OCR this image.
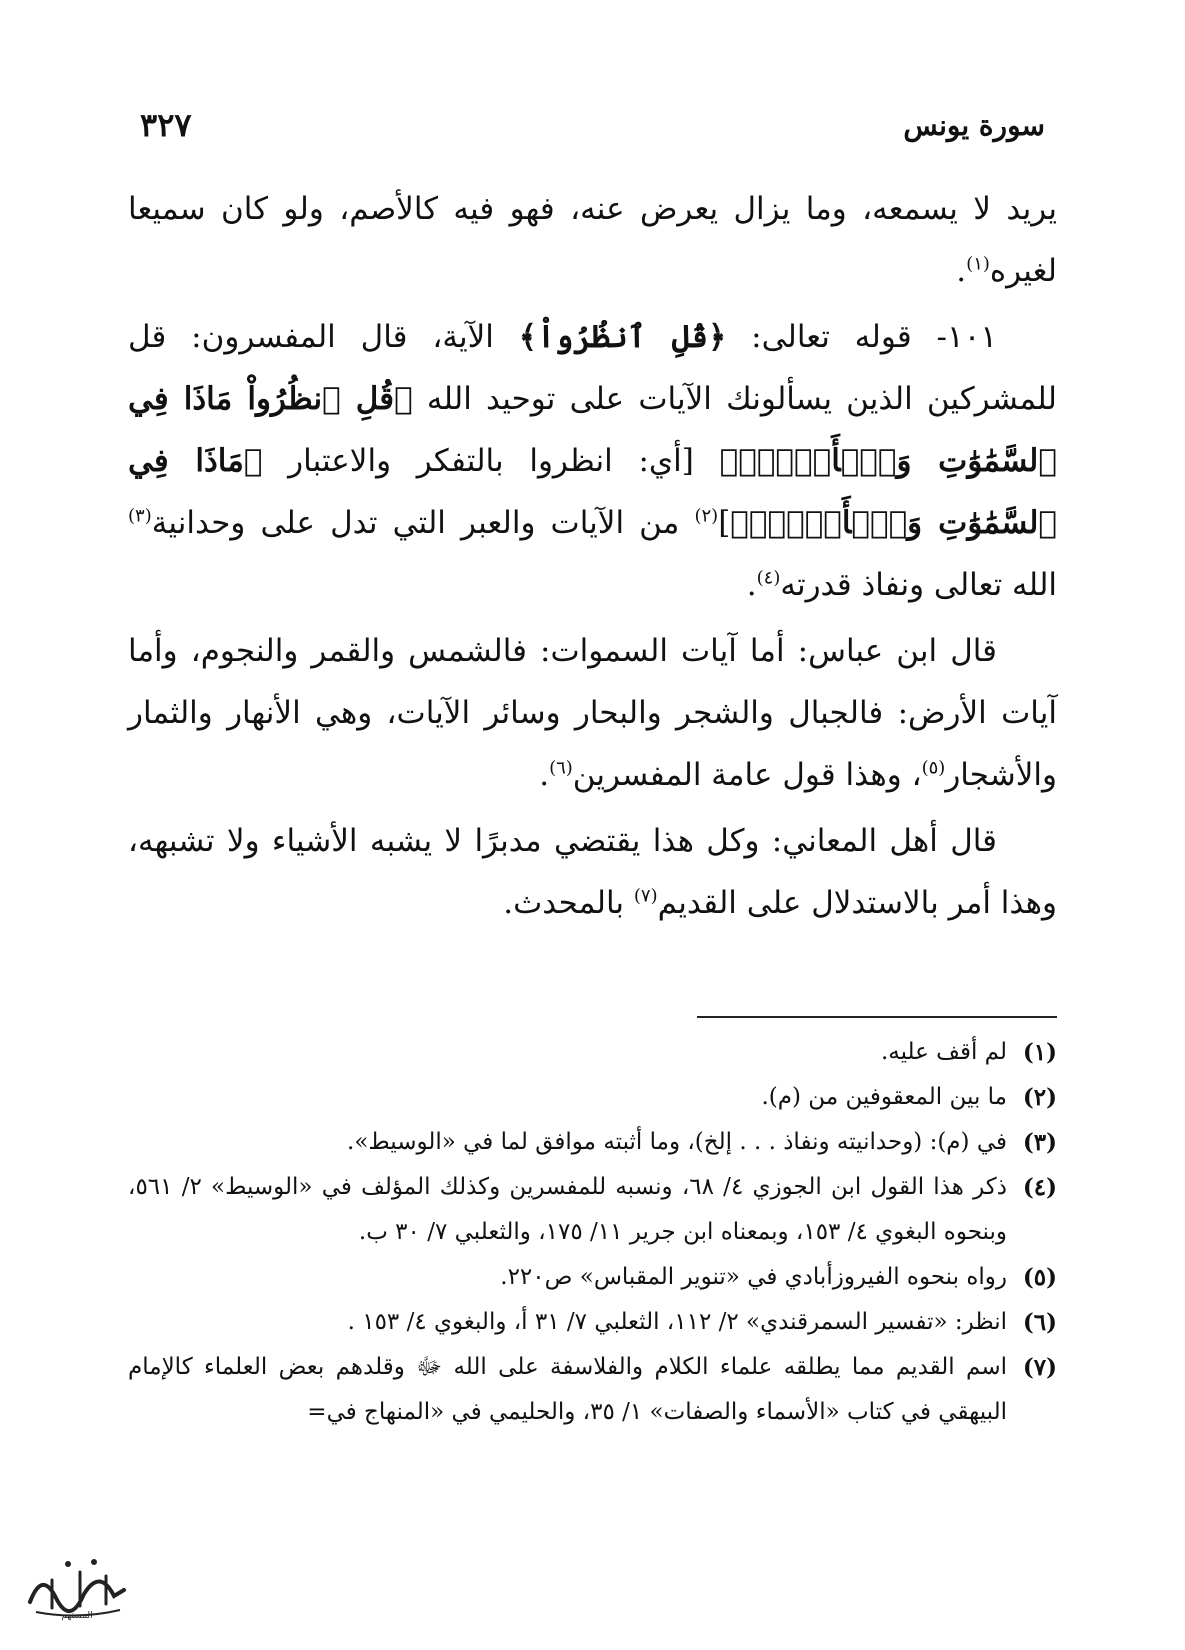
سورة يونس
٣٢٧

يريد لا يسمعه، وما يزال يعرض عنه، فهو فيه كالأصم، ولو كان سميعا لغيره$^{(١)}$.

١٠١- قوله تعالى: ﴿قُلِ ٱنظُرُواْ﴾ الآية، قال المفسرون: قل للمشركين الذين يسألونك الآيات على توحيد الله ﴿قُلِ ٱنظُرُواْ مَاذَا فِي ٱلسَّمَٰوَٰتِ وَٱلۡأَرۡضِۚ﴾ [أي: انظروا بالتفكر والاعتبار ﴿مَاذَا فِي ٱلسَّمَٰوَٰتِ وَٱلۡأَرۡضِۚ﴾]$^{(٢)}$ من الآيات والعبر التي تدل على وحدانية$^{(٣)}$ الله تعالى ونفاذ قدرته$^{(٤)}$.

قال ابن عباس: أما آيات السموات: فالشمس والقمر والنجوم، وأما آيات الأرض: فالجبال والشجر والبحار وسائر الآيات، وهي الأنهار والثمار والأشجار$^{(٥)}$، وهذا قول عامة المفسرين$^{(٦)}$.

قال أهل المعاني: وكل هذا يقتضي مدبرًا لا يشبه الأشياء ولا تشبهه، وهذا أمر بالاستدلال على القديم$^{(٧)}$ بالمحدث.

(١)
لم أقف عليه.
(٢)
ما بين المعقوفين من (م).
(٣)
في (م): (وحدانيته ونفاذ . . . إلخ)، وما أثبته موافق لما في «الوسيط».
(٤)
ذكر هذا القول ابن الجوزي ٤/ ٦٨، ونسبه للمفسرين وكذلك المؤلف في «الوسيط» ٢/ ٥٦١، وبنحوه البغوي ٤/ ١٥٣، وبمعناه ابن جرير ١١/ ١٧٥، والثعلبي ٧/ ٣٠ ب.
(٥)
رواه بنحوه الفيروزأبادي في «تنوير المقباس» ص٢٢٠.
(٦)
انظر: «تفسير السمرقندي» ٢/ ١١٢، الثعلبي ٧/ ٣١ أ، والبغوي ٤/ ١٥٣ .
(٧)
اسم القديم مما يطلقه علماء الكلام والفلاسفة على الله ﷻ وقلدهم بعض العلماء كالإمام البيهقي في كتاب «الأسماء والصفات» ١/ ٣٥، والحليمي في «المنهاج في=
المستهم
